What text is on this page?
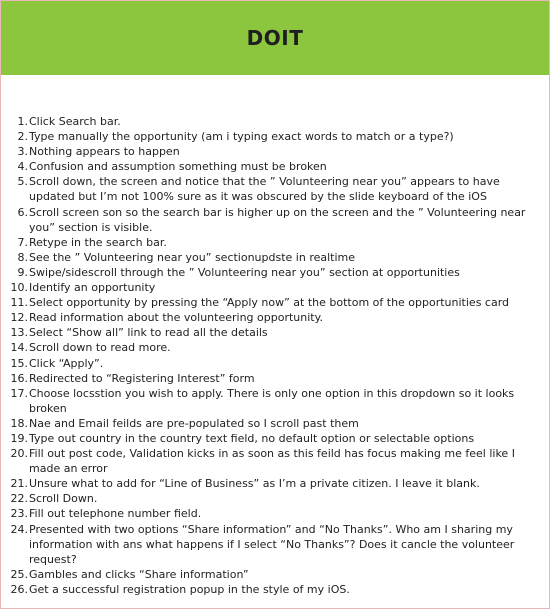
DOIT
1. Click Search bar.
2. Type manually the opportunity (am i typing exact words to match or a type?)
3. Nothing appears to happen
4. Confusion and assumption something must be broken
5. Scroll down, the screen and notice that the ” Volunteering near you” appears to have updated but I’m not 100% sure as it was obscured by the slide keyboard of the iOS
6. Scroll screen son so the search bar is higher up on the screen and the ” Volunteering near you” section is visible.
7. Retype in the search bar.
8. See the ” Volunteering near you” sectionupdste in realtime
9. Swipe/sidescroll through the ” Volunteering near you” section at opportunities
10. Identify an opportunity
11. Select opportunity by pressing the “Apply now” at the bottom of the opportunities card
12. Read information about the volunteering opportunity.
13. Select “Show all” link to read all the details
14. Scroll down to read more.
15. Click “Apply”.
16. Redirected to “Registering Interest” form
17. Choose locsstion you wish to apply. There is only one option in this dropdown so it looks broken
18. Nae and Email feilds are pre-populated so I scroll past them
19. Type out country in the country text field, no default option or selectable options
20. Fill out post code, Validation kicks in as soon as this feild has focus making me feel like I made an error
21. Unsure what to add for “Line of Business” as I’m a private citizen. I leave it blank.
22. Scroll Down.
23. Fill out telephone number field.
24. Presented with two options “Share information” and “No Thanks”. Who am I sharing my information with ans what happens if I select “No Thanks”? Does it cancle the volunteer request?
25. Gambles and clicks “Share information”
26. Get a successful registration popup in the style of my iOS.
